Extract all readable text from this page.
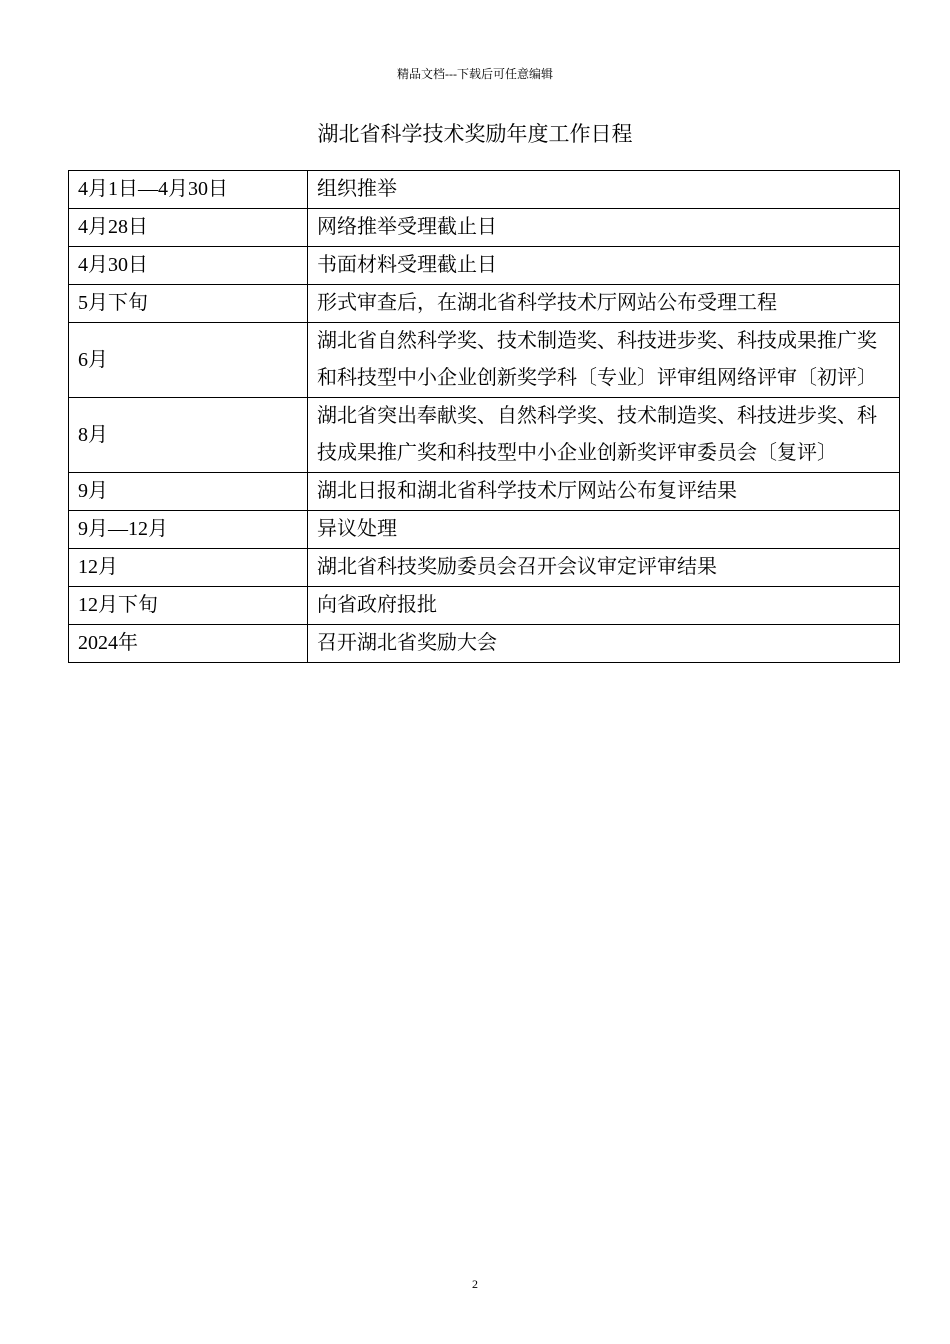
精品文档---下载后可任意编辑
湖北省科学技术奖励年度工作日程
4月1日—4月30日	组织推举
4月28日	网络推举受理截止日
4月30日	书面材料受理截止日
5月下旬	形式审查后，在湖北省科学技术厅网站公布受理工程
6月	湖北省自然科学奖、技术制造奖、科技进步奖、科技成果推广奖和科技型中小企业创新奖学科〔专业〕评审组网络评审〔初评〕
8月	湖北省突出奉献奖、自然科学奖、技术制造奖、科技进步奖、科技成果推广奖和科技型中小企业创新奖评审委员会〔复评〕
9月	湖北日报和湖北省科学技术厅网站公布复评结果
9月—12月	异议处理
12月	湖北省科技奖励委员会召开会议审定评审结果
12月下旬	向省政府报批
2024年	召开湖北省奖励大会
2
